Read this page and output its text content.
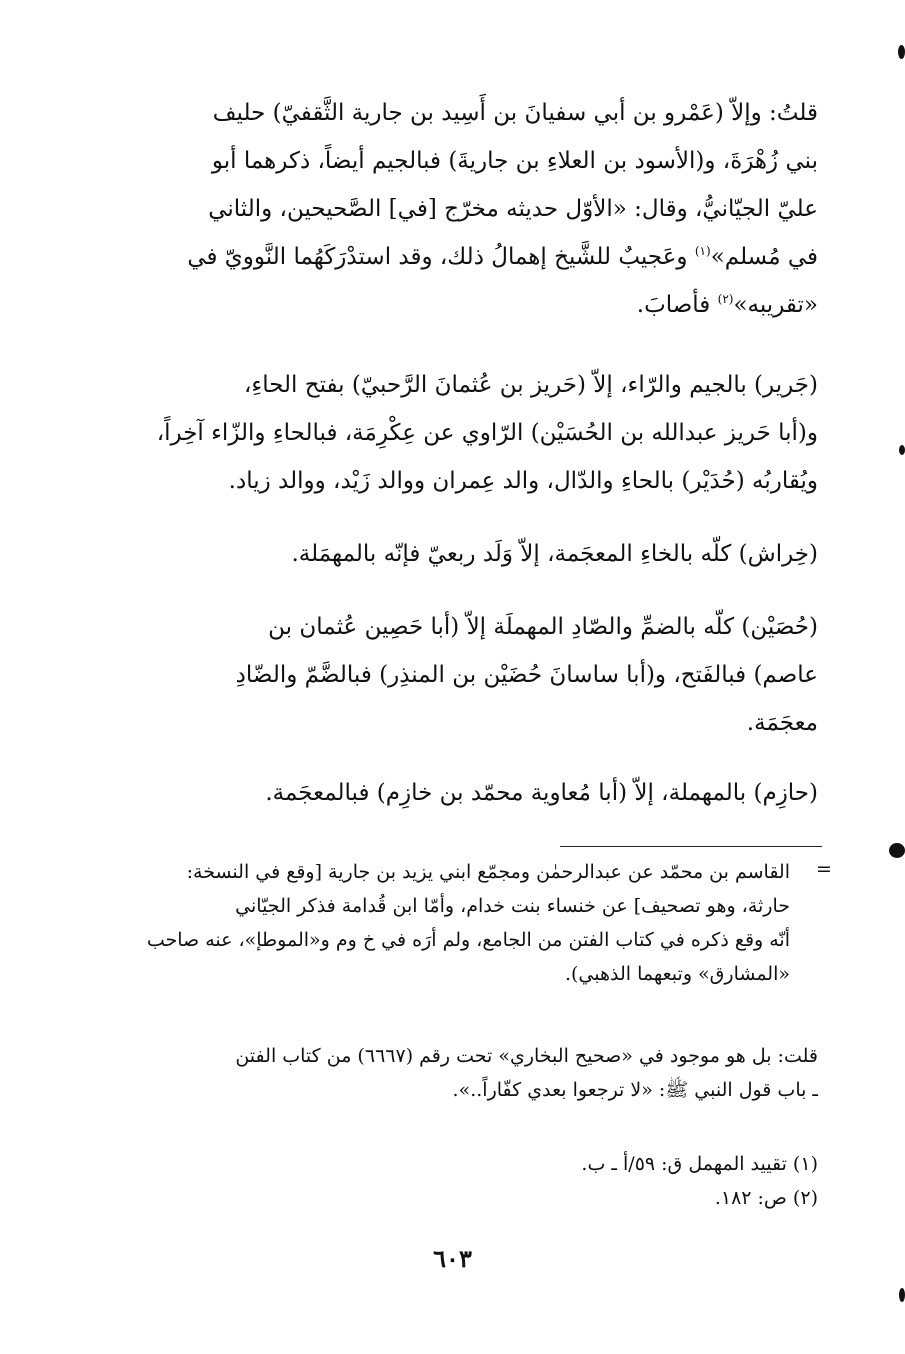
قلتُ: وإلاّ (عَمْرو بن أبي سفيانَ بن أَسِيد بن جارية الثَّقفيّ) حليف

بني زُهْرَةَ، و(الأسود بن العلاءِ بن جاريةَ) فبالجيم أيضاً، ذكرهما أبو

عليّ الجيّانيُّ، وقال: «الأوّل حديثه مخرّج [في] الصَّحيحين، والثاني

في مُسلم»$^{(١)}$ وعَجيبٌ للشَّيخ إهمالُ ذلك، وقد استدْرَكَهُما النَّوويّ في

«تقريبه»$^{(٢)}$ فأصابَ.

(جَرير) بالجيم والرّاء، إلاّ (حَريز بن عُثمانَ الرَّحبيّ) بفتح الحاءِ،

و(أبا حَريز عبدالله بن الحُسَيْن) الرّاوي عن عِكْرِمَة، فبالحاءِ والزّاء آخِراً،

ويُقاربُه (حُدَيْر) بالحاءِ والدّال، والد عِمران ووالد زَيْد، ووالد زياد.

(خِراش) كلّه بالخاءِ المعجَمة، إلاّ وَلَد ربعيّ فإنّه بالمهمَلة.

(حُصَيْن) كلّه بالضمِّ والصّادِ المهملَة إلاّ (أبا حَصِين عُثمان بن

عاصم) فبالفَتح، و(أبا ساسانَ حُضَيْن بن المنذِر) فبالضَّمّ والضّادِ

معجَمَة.

(حازِم) بالمهملة، إلاّ (أبا مُعاوية محمّد بن خازِم) فبالمعجَمة.

=

القاسم بن محمّد عن عبدالرحمٰن ومجمّع ابني يزيد بن جارية [وقع في النسخة:

حارثة، وهو تصحيف] عن خنساء بنت خدام، وأمّا ابن قُدامة فذكر الجيّاني

أنّه وقع ذكره في كتاب الفتن من الجامع، ولم أرَه في خ وم و«الموطإ»، عنه صاحب

«المشارق» وتبعهما الذهبي).

قلت: بل هو موجود في «صحيح البخاري» تحت رقم (٦٦٦٧) من كتاب الفتن

ـ باب قول النبي ﷺ: «لا ترجعوا بعدي كفّاراً..».

(١) تقييد المهمل ق: ٥٩/أ ـ ب.

(٢) ص: ١٨٢.

٦٠٣
